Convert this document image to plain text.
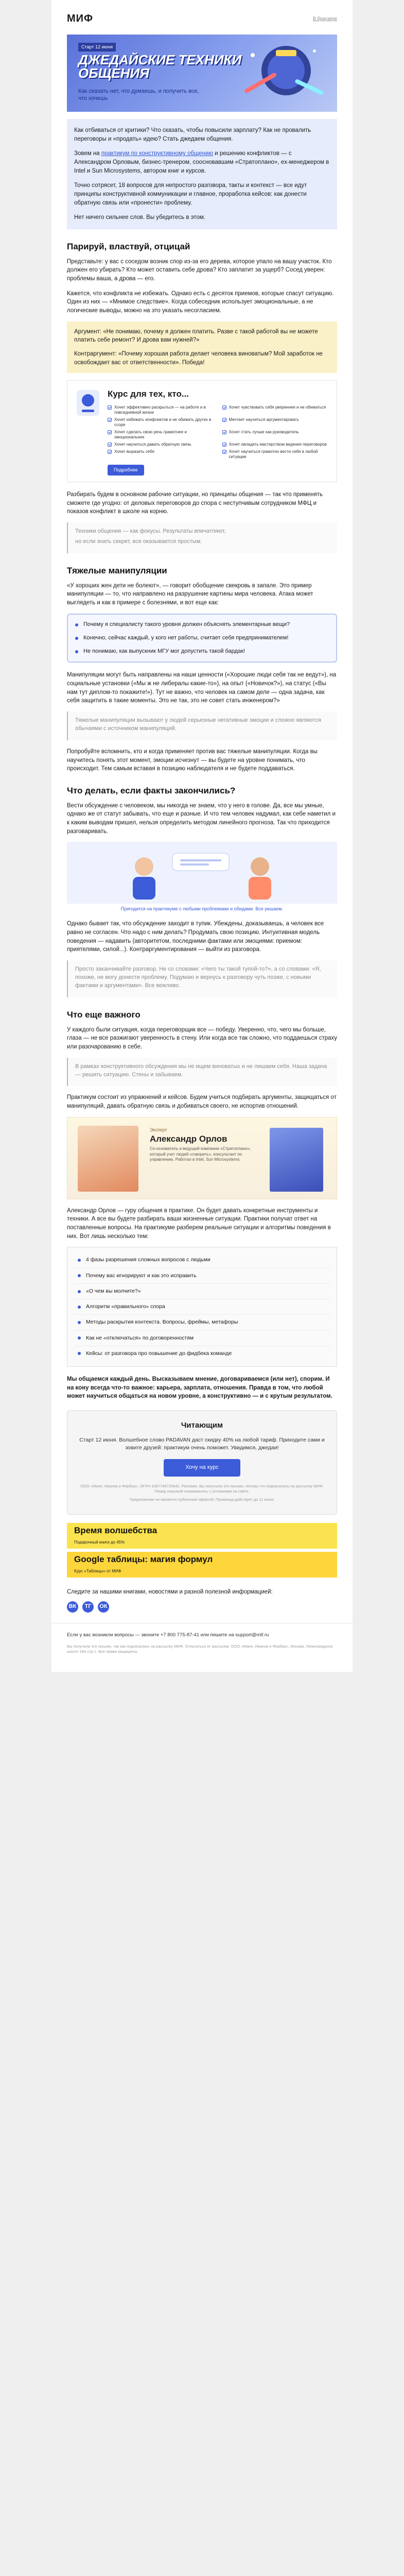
МИФ	В браузере
Старт 12 июня
ДЖЕДАЙСКИЕ ТЕХНИКИ ОБЩЕНИЯ
Как сказать нет, что думаешь, и получить все, что хочешь

Как отбиваться от критики? Что сказать, чтобы повысили зарплату? Как не провалить переговоры и «продать» идею? Стать джедаем общения.

Зовем на практикум по конструктивному общению и решению конфликтов — с Александром Орловым, бизнес-тренером, соосновавшим «Стратоплано», ex-менеджером в Intel и Sun Microsystems, автором книг и курсов.

Точно сотрясет, 18 вопросов для непростого разговора, такты и контекст — все идут принципы конструктивной коммуникации и главное, проработка кейсов: как донести обратную связь или «пронести» проблему.

Нет ничего сильнее слов. Вы убедитесь в этом.

Парируй, властвуй, отцицай

Представьте: у вас с соседом возник спор из-за его дерева, которое упало на вашу участок. Кто должен его убирать? Кто может оставить себе дрова? Кто заплатит за ущерб? Сосед уверен: проблемы ваша, а дрова — его.

Кажется, что конфликта не избежать. Однако есть с десяток приемов, которые спасут ситуацию. Один из них — «Мнимое следствие». Когда собеседник использует эмоциональные, а не логические выводы, можно на это указать несогласием.

Аргумент: «Не понимаю, почему я должен платить. Разве с такой работой вы не можете платить себе ремонт? И дрова вам нужней?»

Контраргумент: «Почему хорошая работа делает человека виноватым? Мой заработок не освобождает вас от ответственности». Победа!

Курс для тех, кто...
Хочет эффективно раскрыться — на работе и в повседневной жизни
Хочет чувствовать себя увереннее и не обижаться
Хочет избежать конфликтов и не обижать других в ссоре
Мечтает научиться аргументировать
Хочет сделать свою речь грамотнее и эмоциональнее
Хочет стать лучше как руководитель
Хочет научиться давать обратную связь	Хочет овладеть мастерством ведения переговоров
Хочет выразить себя	Хочет научиться грамотно вести себя в любой ситуации
Подробнее

Разбирать будем в основном рабочие ситуации, но принципы общения — так что применять сможете где угодно: от деловых переговоров до спора с неступчивым сотрудником МФЦ и показов конфликт в школе на корню.

Техники общения — как фокусы. Результаты впечатляют,

но если знать секрет, все оказывается простым.

Тяжелые манипуляции

«У хороших жен дети не болеют», — говорит обобщение свекровь в запале. Это пример манипуляции — то, что направлено на разрушение картины мира человека. Атака может выглядеть и как в примере с болезнями, и вот еще как:

Почему я специалисту такого уровня должен объяснять элементарные вещи?
Конечно, сейчас каждый, у кого нет работы, считает себя предпринимателем!
Не понимаю, как выпускник МГУ мог допустить такой бардак!

Манипуляции могут быть направлены на наши ценности («Хорошие люди себя так не ведут»), на социальные установки («Мы ж не либералы какие-то»), на опыт («Новичок?»), на статус («Вы нам тут диплом-то покажите!»). Тут не важно, что человек на самом деле — одна задача, как себя защитить в такие моменты. Это не так, это не совет стать инженером?»

Тяжелые манипуляции вызывают у людей серьезные негативные эмоции и сложно являются обычаями с источником манипуляций.

Попробуйте вспомнить, кто и когда применяет против вас тяжелые манипуляции. Когда вы научитесь понять этот момент, эмоции исчезнут — вы будете на уровне понимать, что происходит. Тем самым вставая в позицию наблюдателя и не будете поддаваться.

Что делать, если факты закончились?

Вести обсуждение с человеком, мы никогда не знаем, что у него в голове. Да, все мы умные, однако же от статут забывать, что еще и разные. И что тем человек надумал, как себе наметил и к каким выводам пришел, нельзя определить методом линейного прогноза. Так что приходится разговаривать.

Пригодится на практикуме с любыми проблемами и обидами. Все решаем.

Однако бывает так, что обсуждение заходит в тупик. Убеждены, доказываешь, а человек все равно не согласен. Что надо с ним делать? Продумать свою позицию. Интуитивная модель поведения — надавить (авторитетом, последними фактами или эмоциями: приемом: приятелями, силой...). Контраргументирования — выйти из разговора.

Просто заканчивайте разговор. Не со словами: «Чего ты такой тупой-то?», а со словами: «Я, похоже, не могу донести проблему. Подумаю и вернусь к разговору чуть позже, с новыми фактами и аргументами». Все вежливо.

Что еще важного

У каждого были ситуация, когда переговорщик все — победу. Уверенно, что, чего мы больше, глаза — не все разжигают уверенность в стену. Или когда все так сложно, что поддаешься страху или разочарованию в себе.

В рамках конструктивного обсуждения мы не ищем виноватых и не лишаем себя. Наша задача — решить ситуацию. Стены и забываем.

Практикум состоит из упражнений и кейсов. Будем учиться подбирать аргументы, защищаться от манипуляций, давать обратную связь и добиваться своего, не испортив отношений.

Эксперт
Александр Орлов
Со-основатель и ведущий компании «Стратоплано», который учит людей «говорить», консультант по управлению. Работал в Intel, Sun Microsystems.

Александр Орлов — гуру общения в практике. Он будет давать конкретные инструменты и техники. А все вы будете разбирать ваши жизненные ситуации. Практики получат ответ на поставленные вопросы. На практикуме разберем реальные ситуации и алгоритмы поведения в них. Вот лишь несколько тем:

4 фазы разрешения сложных вопросов с людьми
Почему вас игнорируют и как это исправить
«О чем вы молчите?»
Алгоритм «правильного» спора
Методы раскрытия контекста. Вопросы, фреймы, метафоры
Как не «отключаться» по договоренностям
Кейсы: от разговора про повышение до фидбека команде

Мы общаемся каждый день. Высказываем мнение, договариваемся (или нет), спорим. И на кону всегда что-то важное: карьера, зарплата, отношения. Правда в том, что любой может научиться общаться на новом уровне, а конструктивно — и с крутым результатом.

Читающим
Старт 12 июня. Волшебное слово PADAVAN даст скидку 40% на любой тариф. Приходите сами и зовите друзей: практикум очень поможет. Увидимся, джедаи!
Хочу на курс
ООО «Манн, Иванов и Фербер», ОГРН 1067746725542. Реклама. Вы получили это письмо, потому что подписались на рассылку МИФ. Перед покупкой ознакомьтесь с условиями на сайте.
Предложение не является публичной офертой. Промокод действует до 11 июня.
Время волшебства
Подарочный книги до 45%
Google таблицы: магия формул
Курс «Таблицы» от МИФ

Следите за нашими книгами, новостями и разной полезной информацией:

ВК	ТГ	ОК

Если у вас возникли вопросы — звоните +7 800 775-87-41 или пишите на support@mif.ru

Вы получили это письмо, так как подписались на рассылку МИФ. Отписаться от рассылки. ООО «Манн, Иванов и Фербер», Москва, Ленинградское шоссе 16А стр 1. Все права защищены.
